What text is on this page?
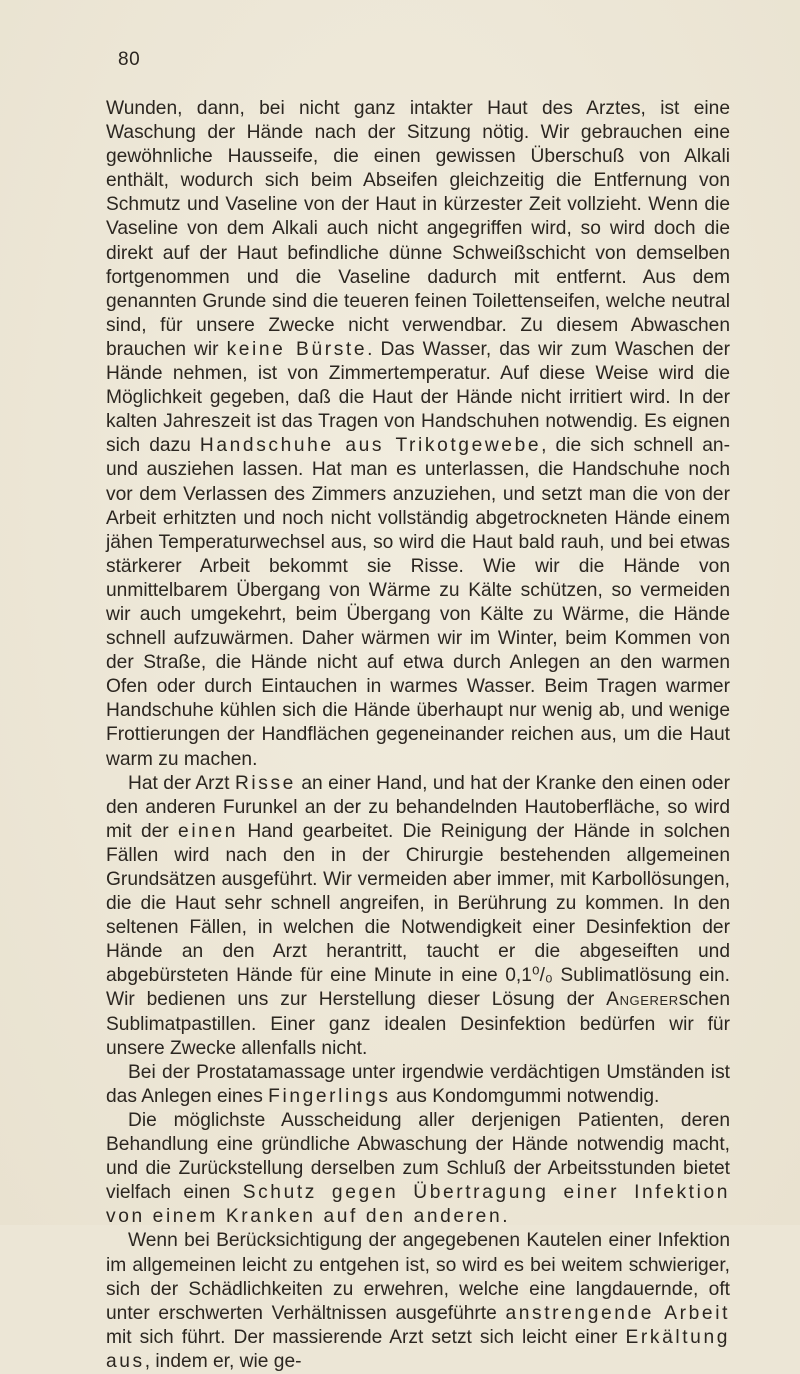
80

Wunden, dann, bei nicht ganz intakter Haut des Arztes, ist eine Waschung der Hände nach der Sitzung nötig. Wir gebrauchen eine gewöhnliche Hausseife, die einen gewissen Überschuß von Alkali enthält, wodurch sich beim Abseifen gleichzeitig die Entfernung von Schmutz und Vaseline von der Haut in kürzester Zeit vollzieht. Wenn die Vaseline von dem Alkali auch nicht angegriffen wird, so wird doch die direkt auf der Haut befindliche dünne Schweißschicht von demselben fortgenommen und die Vaseline dadurch mit entfernt. Aus dem genannten Grunde sind die teueren feinen Toilettenseifen, welche neutral sind, für unsere Zwecke nicht verwendbar. Zu diesem Abwaschen brauchen wir keine Bürste. Das Wasser, das wir zum Waschen der Hände nehmen, ist von Zimmertemperatur. Auf diese Weise wird die Möglichkeit gegeben, daß die Haut der Hände nicht irritiert wird. In der kalten Jahreszeit ist das Tragen von Handschuhen notwendig. Es eignen sich dazu Handschuhe aus Trikotgewebe, die sich schnell an- und ausziehen lassen. Hat man es unterlassen, die Handschuhe noch vor dem Verlassen des Zimmers anzuziehen, und setzt man die von der Arbeit erhitzten und noch nicht vollständig abgetrockneten Hände einem jähen Temperaturwechsel aus, so wird die Haut bald rauh, und bei etwas stärkerer Arbeit bekommt sie Risse. Wie wir die Hände von unmittelbarem Übergang von Wärme zu Kälte schützen, so vermeiden wir auch umgekehrt, beim Übergang von Kälte zu Wärme, die Hände schnell aufzuwärmen. Daher wärmen wir im Winter, beim Kommen von der Straße, die Hände nicht auf etwa durch Anlegen an den warmen Ofen oder durch Eintauchen in warmes Wasser. Beim Tragen warmer Handschuhe kühlen sich die Hände überhaupt nur wenig ab, und wenige Frottierungen der Handflächen gegeneinander reichen aus, um die Haut warm zu machen.

Hat der Arzt Risse an einer Hand, und hat der Kranke den einen oder den anderen Furunkel an der zu behandelnden Hautoberfläche, so wird mit der einen Hand gearbeitet. Die Reinigung der Hände in solchen Fällen wird nach den in der Chirurgie bestehenden allgemeinen Grundsätzen ausgeführt. Wir vermeiden aber immer, mit Karbollösungen, die die Haut sehr schnell angreifen, in Berührung zu kommen. In den seltenen Fällen, in welchen die Notwendigkeit einer Desinfektion der Hände an den Arzt herantritt, taucht er die abgeseiften und abgebürsteten Hände für eine Minute in eine 0,1⁰/₀ Sublimatlösung ein. Wir bedienen uns zur Herstellung dieser Lösung der Angererschen Sublimatpastillen. Einer ganz idealen Desinfektion bedürfen wir für unsere Zwecke allenfalls nicht.

Bei der Prostatamassage unter irgendwie verdächtigen Umständen ist das Anlegen eines Fingerlings aus Kondomgummi notwendig.

Die möglichste Ausscheidung aller derjenigen Patienten, deren Behandlung eine gründliche Abwaschung der Hände notwendig macht, und die Zurückstellung derselben zum Schluß der Arbeitsstunden bietet vielfach einen Schutz gegen Übertragung einer Infektion von einem Kranken auf den anderen.

Wenn bei Berücksichtigung der angegebenen Kautelen einer Infektion im allgemeinen leicht zu entgehen ist, so wird es bei weitem schwieriger, sich der Schädlichkeiten zu erwehren, welche eine langdauernde, oft unter erschwerten Verhältnissen ausgeführte anstrengende Arbeit mit sich führt. Der massierende Arzt setzt sich leicht einer Erkältung aus, indem er, wie ge-
